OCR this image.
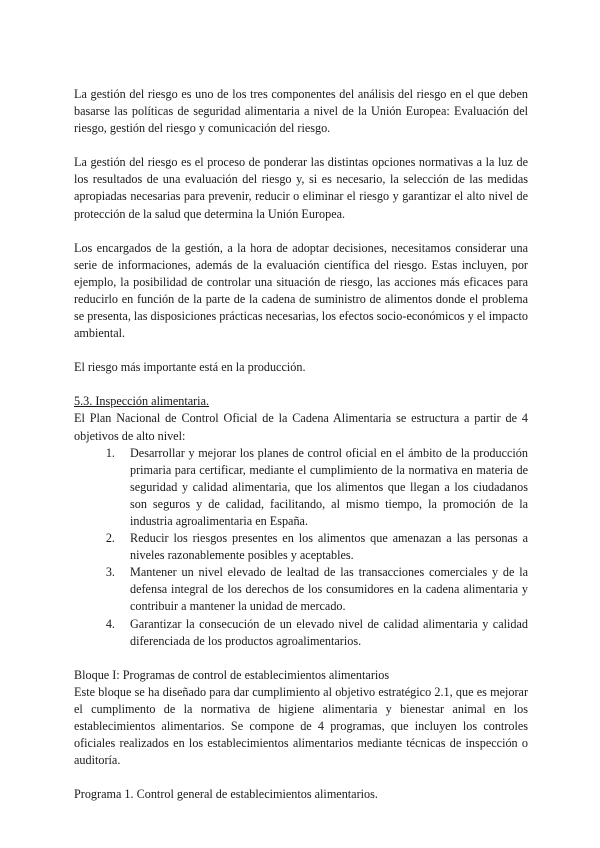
La gestión del riesgo es uno de los tres componentes del análisis del riesgo en el que deben basarse las políticas de seguridad alimentaria a nivel de la Unión Europea: Evaluación del riesgo, gestión del riesgo y comunicación del riesgo.

La gestión del riesgo es el proceso de ponderar las distintas opciones normativas a la luz de los resultados de una evaluación del riesgo y, si es necesario, la selección de las medidas apropiadas necesarias para prevenir, reducir o eliminar el riesgo y garantizar el alto nivel de protección de la salud que determina la Unión Europea.

Los encargados de la gestión, a la hora de adoptar decisiones, necesitamos considerar una serie de informaciones, además de la evaluación científica del riesgo. Estas incluyen, por ejemplo, la posibilidad de controlar una situación de riesgo, las acciones más eficaces para reducirlo en función de la parte de la cadena de suministro de alimentos donde el problema se presenta, las disposiciones prácticas necesarias, los efectos socio-económicos y el impacto ambiental.

El riesgo más importante está en la producción.

5.3. Inspección alimentaria.

El Plan Nacional de Control Oficial de la Cadena Alimentaria se estructura a partir de 4 objetivos de alto nivel:

1. Desarrollar y mejorar los planes de control oficial en el ámbito de la producción primaria para certificar, mediante el cumplimiento de la normativa en materia de seguridad y calidad alimentaria, que los alimentos que llegan a los ciudadanos son seguros y de calidad, facilitando, al mismo tiempo, la promoción de la industria agroalimentaria en España.
2. Reducir los riesgos presentes en los alimentos que amenazan a las personas a niveles razonablemente posibles y aceptables.
3. Mantener un nivel elevado de lealtad de las transacciones comerciales y de la defensa integral de los derechos de los consumidores en la cadena alimentaria y contribuir a mantener la unidad de mercado.
4. Garantizar la consecución de un elevado nivel de calidad alimentaria y calidad diferenciada de los productos agroalimentarios.

Bloque I: Programas de control de establecimientos alimentarios

Este bloque se ha diseñado para dar cumplimiento al objetivo estratégico 2.1, que es mejorar el cumplimento de la normativa de higiene alimentaria y bienestar animal en los establecimientos alimentarios. Se compone de 4 programas, que incluyen los controles oficiales realizados en los establecimientos alimentarios mediante técnicas de inspección o auditoría.

Programa 1. Control general de establecimientos alimentarios.
